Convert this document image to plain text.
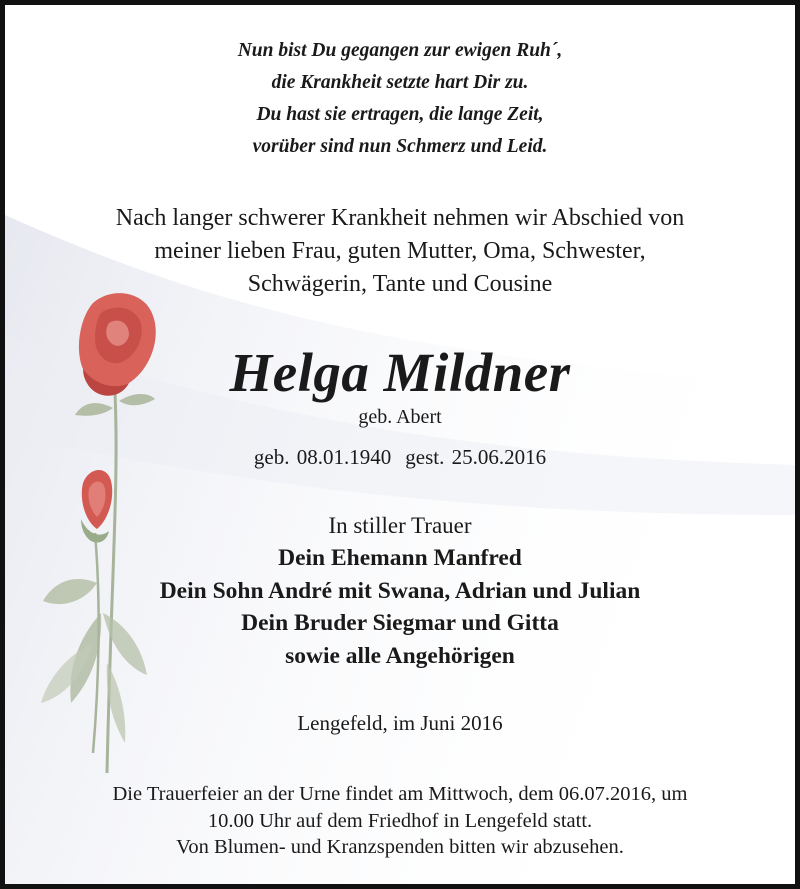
Nun bist Du gegangen zur ewigen Ruh´,
die Krankheit setzte hart Dir zu.
Du hast sie ertragen, die lange Zeit,
vorüber sind nun Schmerz und Leid.
Nach langer schwerer Krankheit nehmen wir Abschied von
meiner lieben Frau, guten Mutter, Oma, Schwester,
Schwägerin, Tante und Cousine
Helga Mildner
geb. Abert
geb. 08.01.1940 gest. 25.06.2016
In stiller Trauer
Dein Ehemann Manfred
Dein Sohn André mit Swana, Adrian und Julian
Dein Bruder Siegmar und Gitta
sowie alle Angehörigen
Lengefeld, im Juni 2016
Die Trauerfeier an der Urne findet am Mittwoch, dem 06.07.2016, um
10.00 Uhr auf dem Friedhof in Lengefeld statt.
Von Blumen- und Kranzspenden bitten wir abzusehen.
